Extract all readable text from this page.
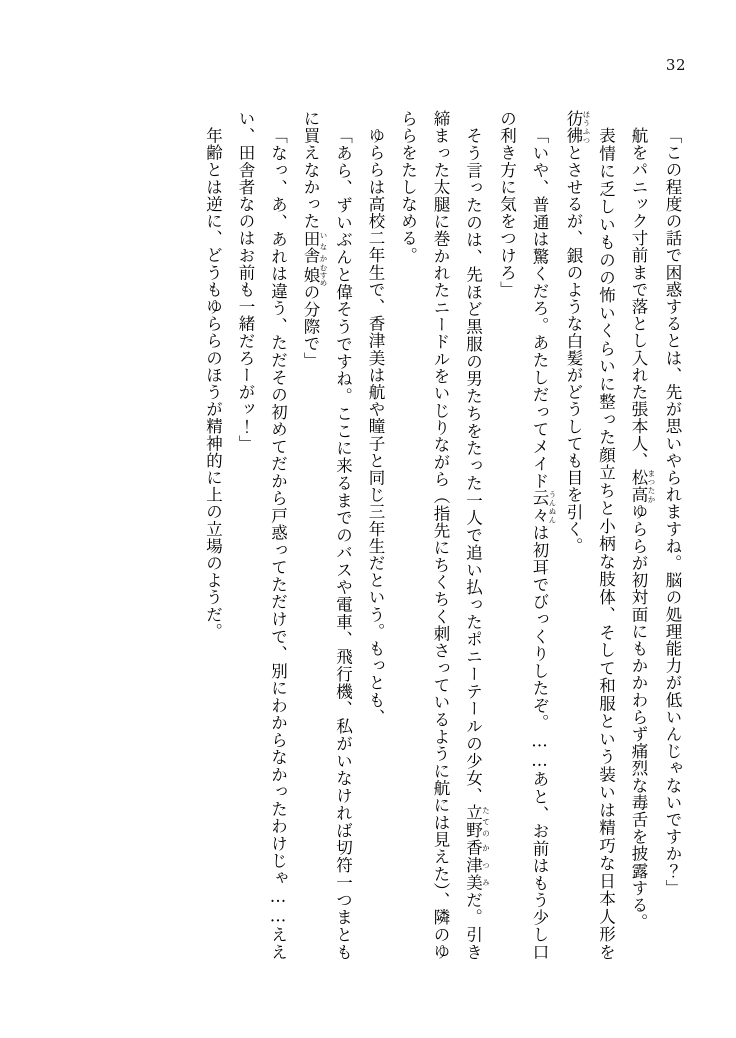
32

「この程度の話で困惑するとは、先が思いやられますね。脳の処理能力が低いんじゃないですか？」

航をパニック寸前まで落とし入れた張本人、松高 まつたかゆららが初対面にもかかわらず痛烈な毒舌を披露する。

表情に乏しいものの怖いくらいに整った顔立ちと小柄な肢体、そして和服という装いは精巧な日本人形を彷彿 ほうふつとさせるが、銀のような白髪がどうしても目を引く。

「いや、普通は驚くだろ。あたしだってメイド云々 うんぬんは初耳でびっくりしたぞ。……あと、お前はもう少し口の利き方に気をつけろ」

そう言ったのは、先ほど黒服の男たちをたった一人で追い払ったポニーテールの少女、立野 たての香津美 かつみだ。引き締まった太腿に巻かれたニードルをいじりながら（指先にちくちく刺さっているように航には見えた）、隣のゆららをたしなめる。

ゆららは高校二年生で、香津美は航や瞳子と同じ三年生だという。もっとも、

「あら、ずいぶんと偉そうですね。ここに来るまでのバスや電車、飛行機、私がいなければ切符一つまともに買えなかった田舎 いなか娘 むすめの分際で」

「なっ、あ、あれは違う、ただその初めてだから戸惑ってただけで、別にわからなかったわけじゃ……ええい、田舎者なのはお前も一緒だろーがッ！」

年齢とは逆に、どうもゆららのほうが精神的に上の立場のようだ。
